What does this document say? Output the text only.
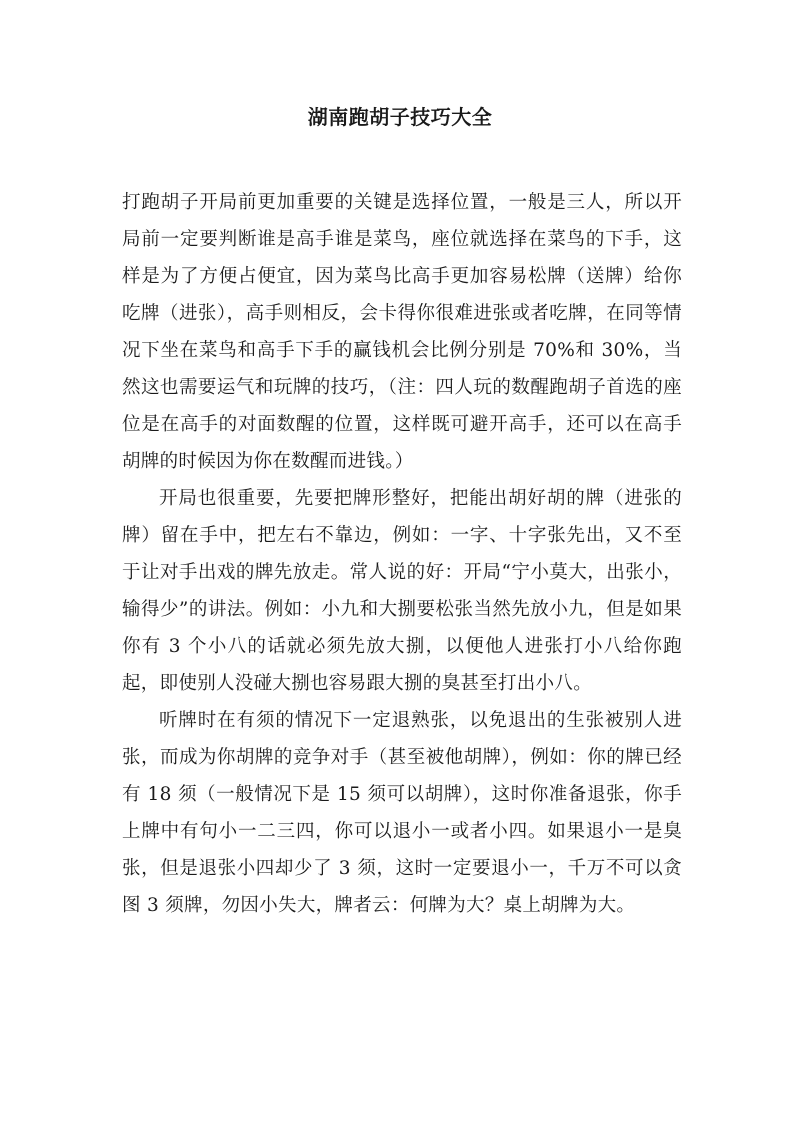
湖南跑胡子技巧大全

打跑胡子开局前更加重要的关键是选择位置，一般是三人，所以开局前一定要判断谁是高手谁是菜鸟，座位就选择在菜鸟的下手，这样是为了方便占便宜，因为菜鸟比高手更加容易松牌（送牌）给你吃牌（进张），高手则相反，会卡得你很难进张或者吃牌，在同等情况下坐在菜鸟和高手下手的赢钱机会比例分别是 70%和 30%，当然这也需要运气和玩牌的技巧，（注：四人玩的数醒跑胡子首选的座位是在高手的对面数醒的位置，这样既可避开高手，还可以在高手胡牌的时候因为你在数醒而进钱。）

开局也很重要，先要把牌形整好，把能出胡好胡的牌（进张的牌）留在手中，把左右不靠边，例如：一字、十字张先出，又不至于让对手出戏的牌先放走。常人说的好：开局“宁小莫大，出张小，输得少”的讲法。例如：小九和大捌要松张当然先放小九，但是如果你有 3 个小八的话就必须先放大捌，以便他人进张打小八给你跑起，即使别人没碰大捌也容易跟大捌的臭甚至打出小八。

听牌时在有须的情况下一定退熟张，以免退出的生张被别人进张，而成为你胡牌的竞争对手（甚至被他胡牌），例如：你的牌已经有 18 须（一般情况下是 15 须可以胡牌），这时你准备退张，你手上牌中有句小一二三四，你可以退小一或者小四。如果退小一是臭张，但是退张小四却少了 3 须，这时一定要退小一，千万不可以贪图 3 须牌，勿因小失大，牌者云：何牌为大？桌上胡牌为大。
